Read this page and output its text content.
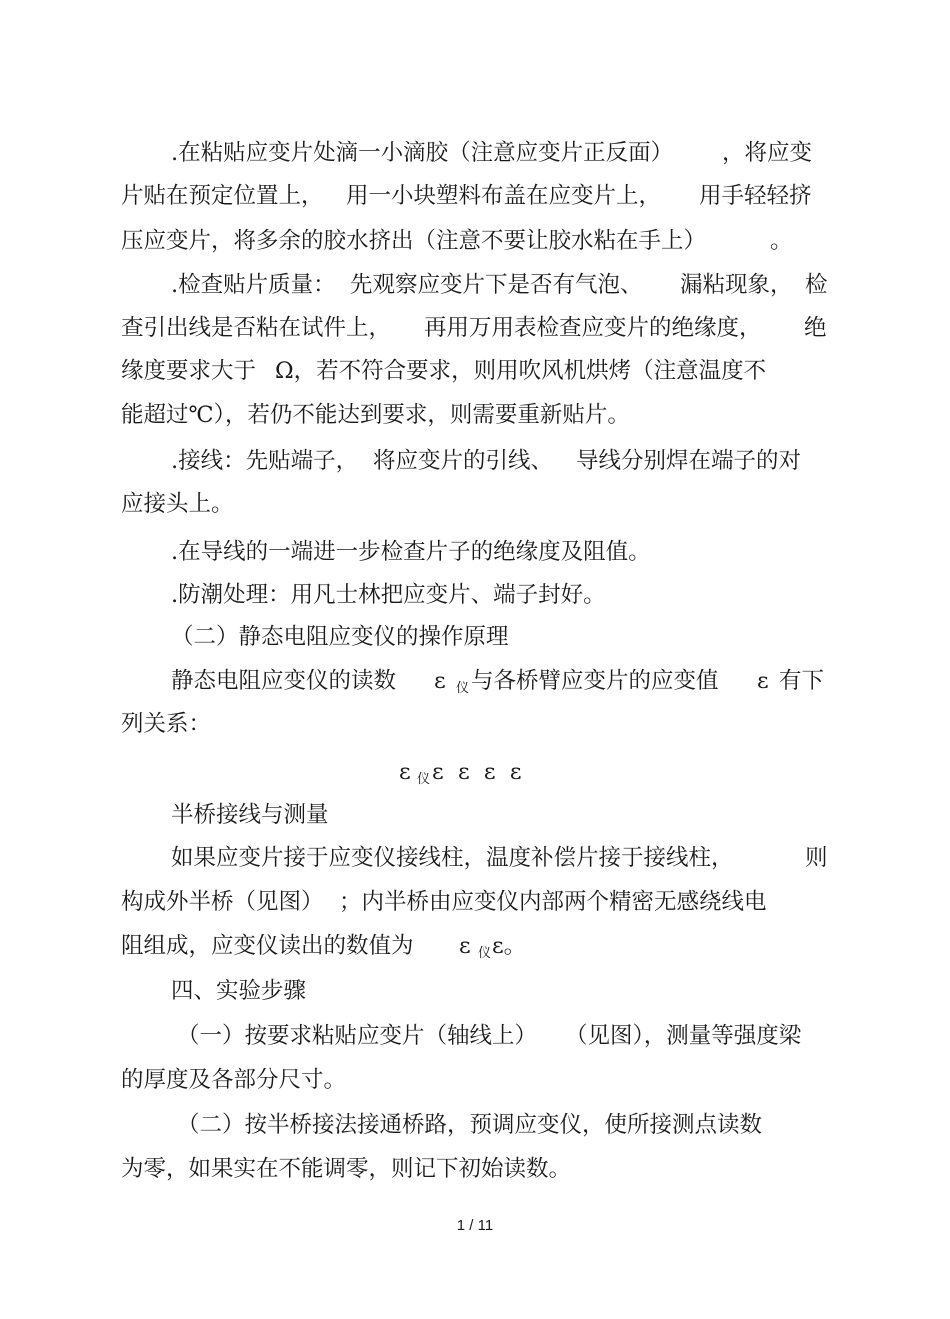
.在粘贴应变片处滴一小滴胶（注意应变片正反面） ，将应变
片贴在预定位置上， 用一小块塑料布盖在应变片上， 用手轻轻挤
压应变片，将多余的胶水挤出（注意不要让胶水粘在手上）	。
.检查贴片质量： 先观察应变片下是否有气泡、 漏粘现象， 检
查引出线是否粘在试件上， 再用万用表检查应变片的绝缘度， 绝
缘度要求大于 Ω，若不符合要求，则用吹风机烘烤（注意温度不
能超过℃），若仍不能达到要求，则需要重新贴片。
.接线：先贴端子， 将应变片的引线、 导线分别焊在端子的对
应接头上。
.在导线的一端进一步检查片子的绝缘度及阻值。
.防潮处理：用凡士林把应变片、端子封好。
（二）静态电阻应变仪的操作原理
静态电阻应变仪的读数 ε 仪 与各桥臂应变片的应变值 ε 有下
列关系：
ε 仪 ε  ε  ε  ε
半桥接线与测量
如果应变片接于应变仪接线柱，温度补偿片接于接线柱，	则
构成外半桥（见图） ；内半桥由应变仪内部两个精密无感绕线电
阻组成，应变仪读出的数值为 ε 仪 ε。
四、实验步骤
（一）按要求粘贴应变片（轴线上） （见图），测量等强度梁
的厚度及各部分尺寸。
（二）按半桥接法接通桥路，预调应变仪，使所接测点读数
为零，如果实在不能调零，则记下初始读数。
1 / 11
